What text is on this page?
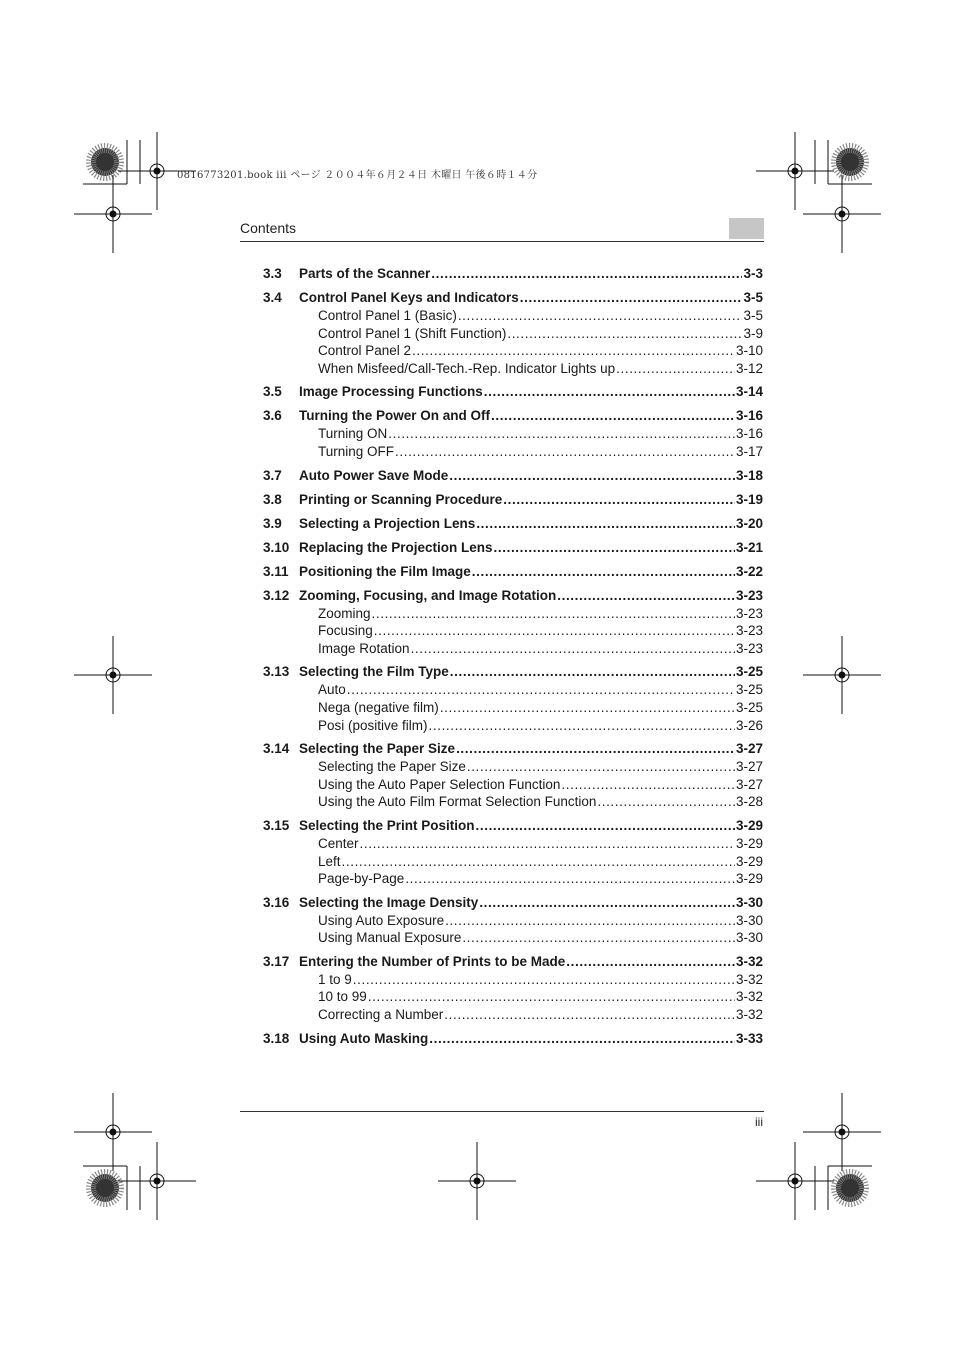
0816773201.book iii ページ ２００４年６月２４日 木曜日 午後６時１４分
Contents
3.3	Parts of the Scanner .....	3-3
3.4	Control Panel Keys and Indicators .....	3-5
Control Panel 1 (Basic) .....	3-5
Control Panel 1 (Shift Function) .....	3-9
Control Panel 2 .....	3-10
When Misfeed/Call-Tech.-Rep. Indicator Lights up .....	3-12
3.5	Image Processing Functions .....	3-14
3.6	Turning the Power On and Off .....	3-16
Turning ON .....	3-16
Turning OFF .....	3-17
3.7	Auto Power Save Mode .....	3-18
3.8	Printing or Scanning Procedure .....	3-19
3.9	Selecting a Projection Lens .....	3-20
3.10 Replacing the Projection Lens .....	3-21
3.11 Positioning the Film Image .....	3-22
3.12 Zooming, Focusing, and Image Rotation .....	3-23
Zooming .....	3-23
Focusing .....	3-23
Image Rotation .....	3-23
3.13 Selecting the Film Type .....	3-25
Auto .....	3-25
Nega (negative film) .....	3-25
Posi (positive film) .....	3-26
3.14 Selecting the Paper Size .....	3-27
Selecting the Paper Size .....	3-27
Using the Auto Paper Selection Function .....	3-27
Using the Auto Film Format Selection Function .....	3-28
3.15 Selecting the Print Position .....	3-29
Center .....	3-29
Left .....	3-29
Page-by-Page .....	3-29
3.16 Selecting the Image Density .....	3-30
Using Auto Exposure .....	3-30
Using Manual Exposure .....	3-30
3.17 Entering the Number of Prints to be Made .....	3-32
1 to 9 .....	3-32
10 to 99 .....	3-32
Correcting a Number .....	3-32
3.18 Using Auto Masking .....	3-33
iii
